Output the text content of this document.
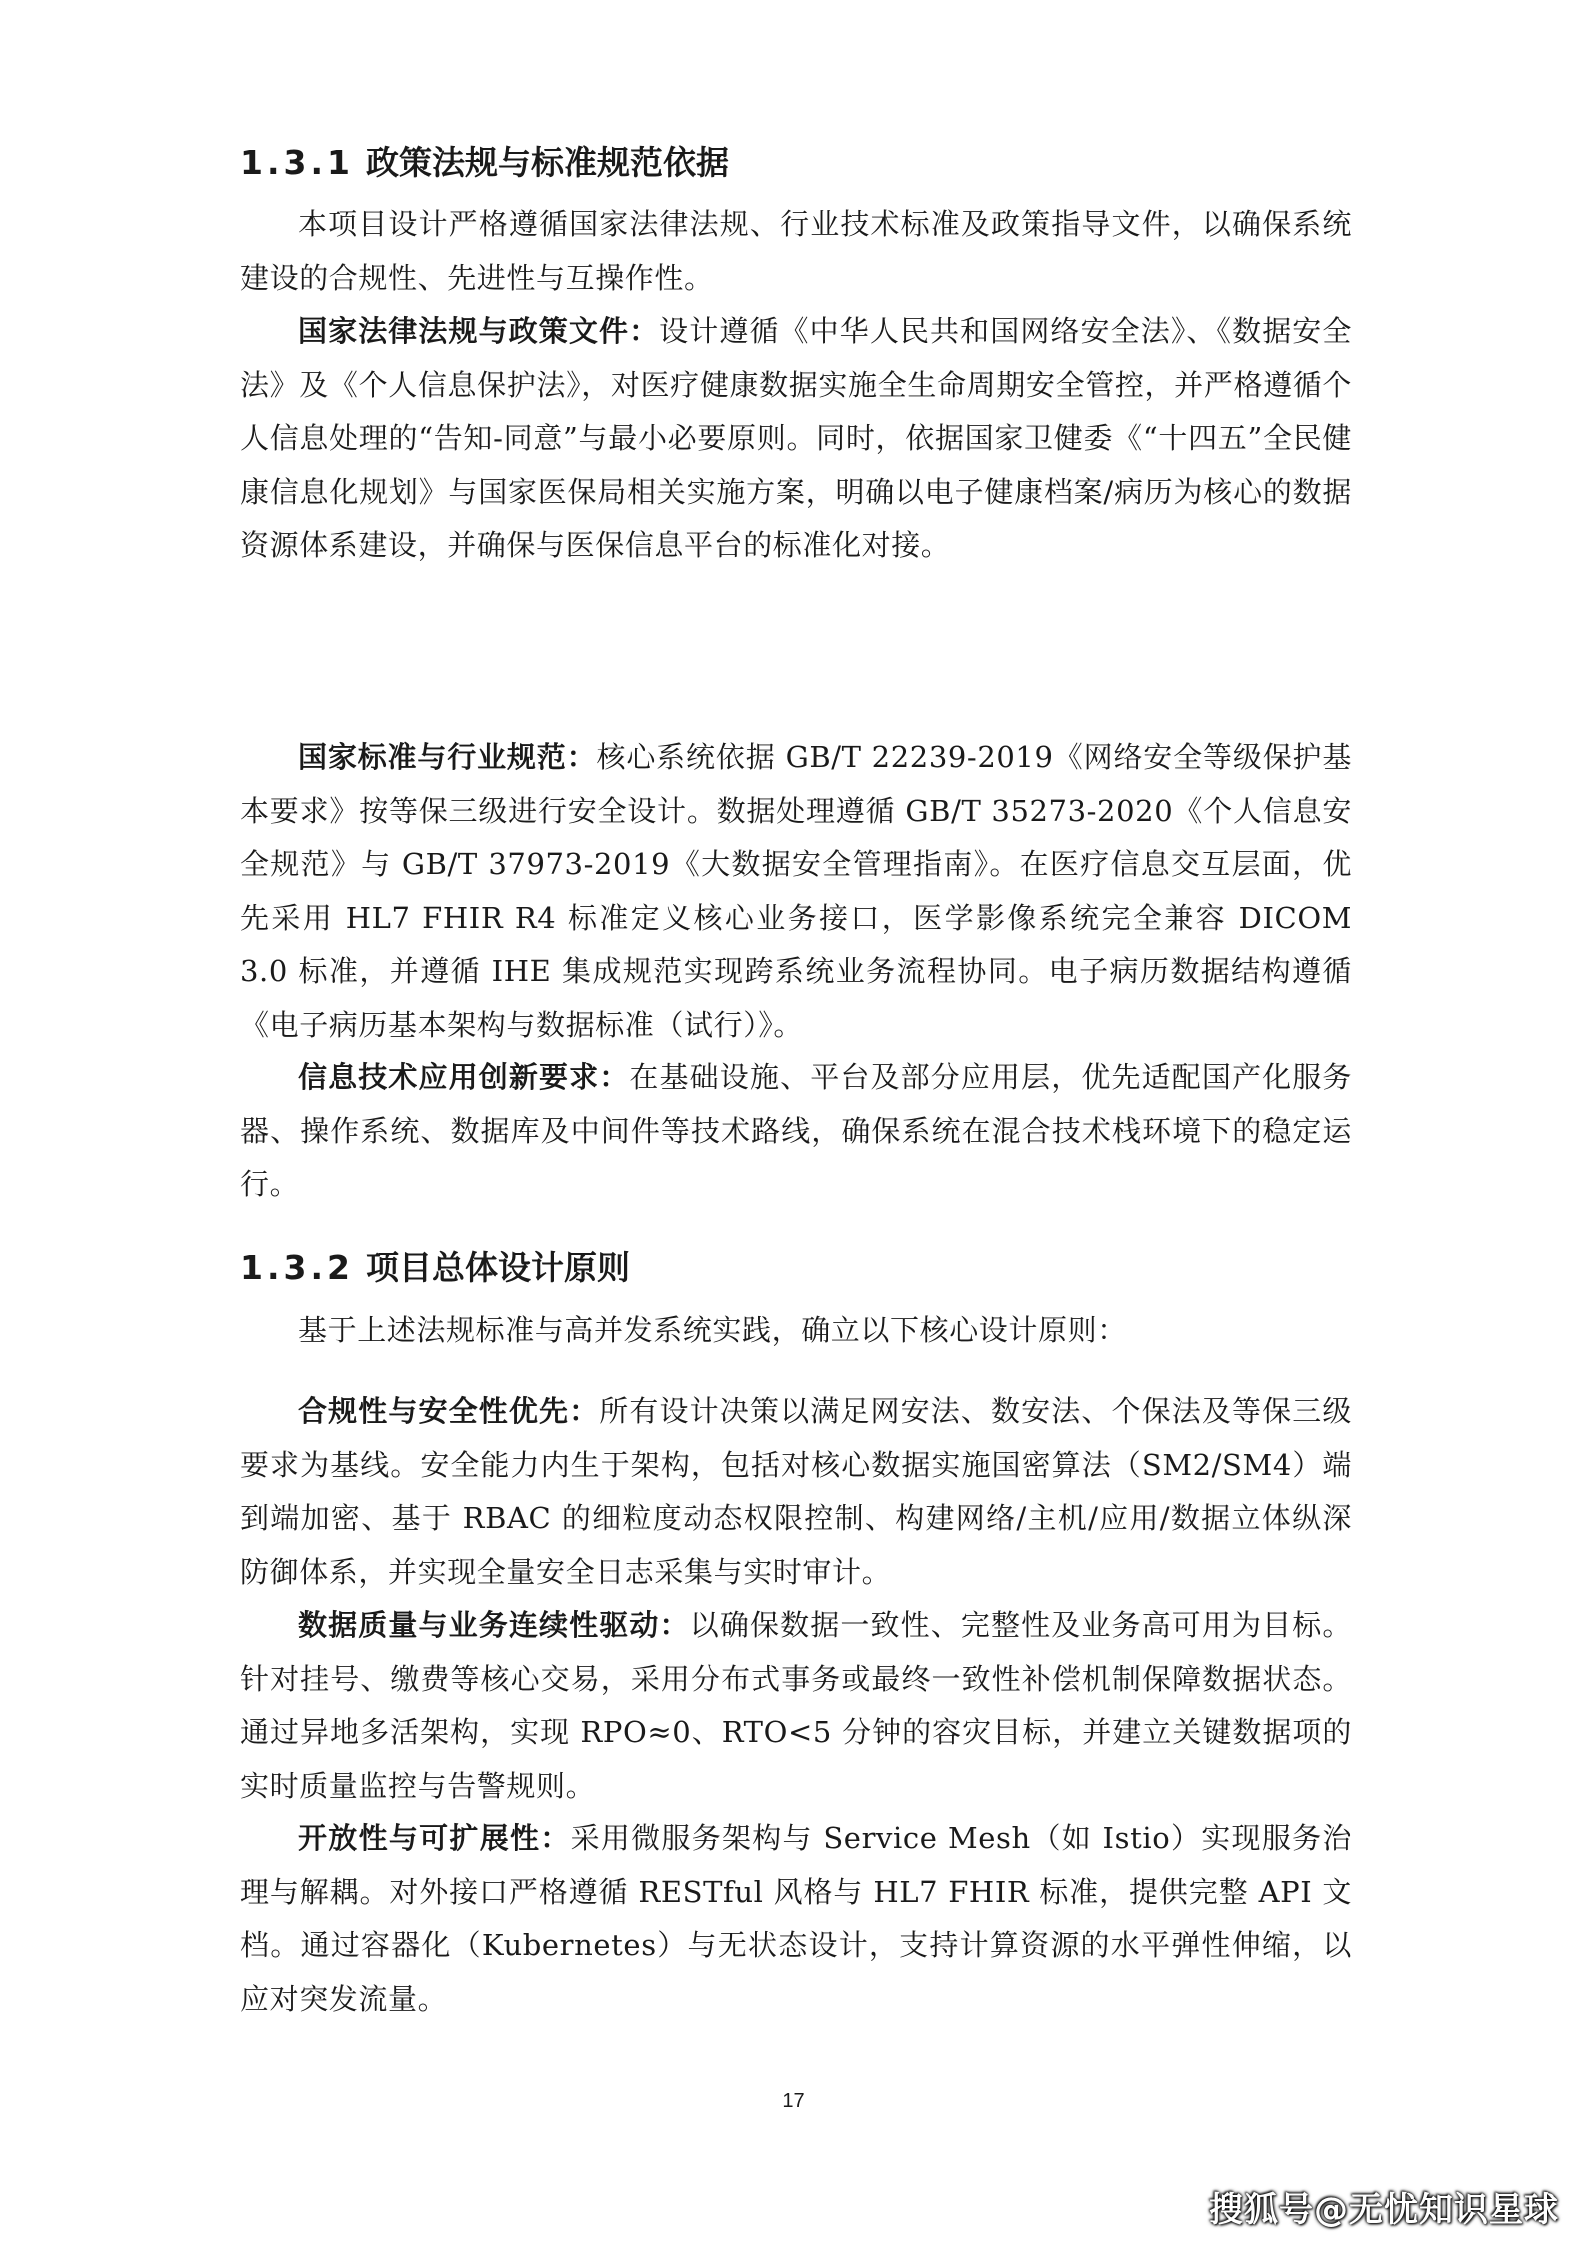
1.3.1 政策法规与标准规范依据

本项目设计严格遵循国家法律法规、行业技术标准及政策指导文件，以确保系统建设的合规性、先进性与互操作性。

国家法律法规与政策文件：设计遵循《中华人民共和国网络安全法》、《数据安全法》及《个人信息保护法》，对医疗健康数据实施全生命周期安全管控，并严格遵循个人信息处理的“告知-同意”与最小必要原则。同时，依据国家卫健委《“十四五”全民健康信息化规划》与国家医保局相关实施方案，明确以电子健康档案/病历为核心的数据资源体系建设，并确保与医保信息平台的标准化对接。

国家标准与行业规范：核心系统依据 GB/T 22239-2019《网络安全等级保护基本要求》按等保三级进行安全设计。数据处理遵循 GB/T 35273-2020《个人信息安全规范》与 GB/T 37973-2019《大数据安全管理指南》。在医疗信息交互层面，优先采用 HL7 FHIR R4 标准定义核心业务接口，医学影像系统完全兼容 DICOM 3.0 标准，并遵循 IHE 集成规范实现跨系统业务流程协同。电子病历数据结构遵循《电子病历基本架构与数据标准（试行）》。

信息技术应用创新要求：在基础设施、平台及部分应用层，优先适配国产化服务器、操作系统、数据库及中间件等技术路线，确保系统在混合技术栈环境下的稳定运行。

1.3.2 项目总体设计原则

基于上述法规标准与高并发系统实践，确立以下核心设计原则：

合规性与安全性优先：所有设计决策以满足网安法、数安法、个保法及等保三级要求为基线。安全能力内生于架构，包括对核心数据实施国密算法（SM2/SM4）端到端加密、基于 RBAC 的细粒度动态权限控制、构建网络/主机/应用/数据立体纵深防御体系，并实现全量安全日志采集与实时审计。

数据质量与业务连续性驱动：以确保数据一致性、完整性及业务高可用为目标。针对挂号、缴费等核心交易，采用分布式事务或最终一致性补偿机制保障数据状态。通过异地多活架构，实现 RPO≈0、RTO<5 分钟的容灾目标，并建立关键数据项的实时质量监控与告警规则。

开放性与可扩展性：采用微服务架构与 Service Mesh（如 Istio）实现服务治理与解耦。对外接口严格遵循 RESTful 风格与 HL7 FHIR 标准，提供完整 API 文档。通过容器化（Kubernetes）与无状态设计，支持计算资源的水平弹性伸缩，以应对突发流量。

17
搜狐号@无忧知识星球
